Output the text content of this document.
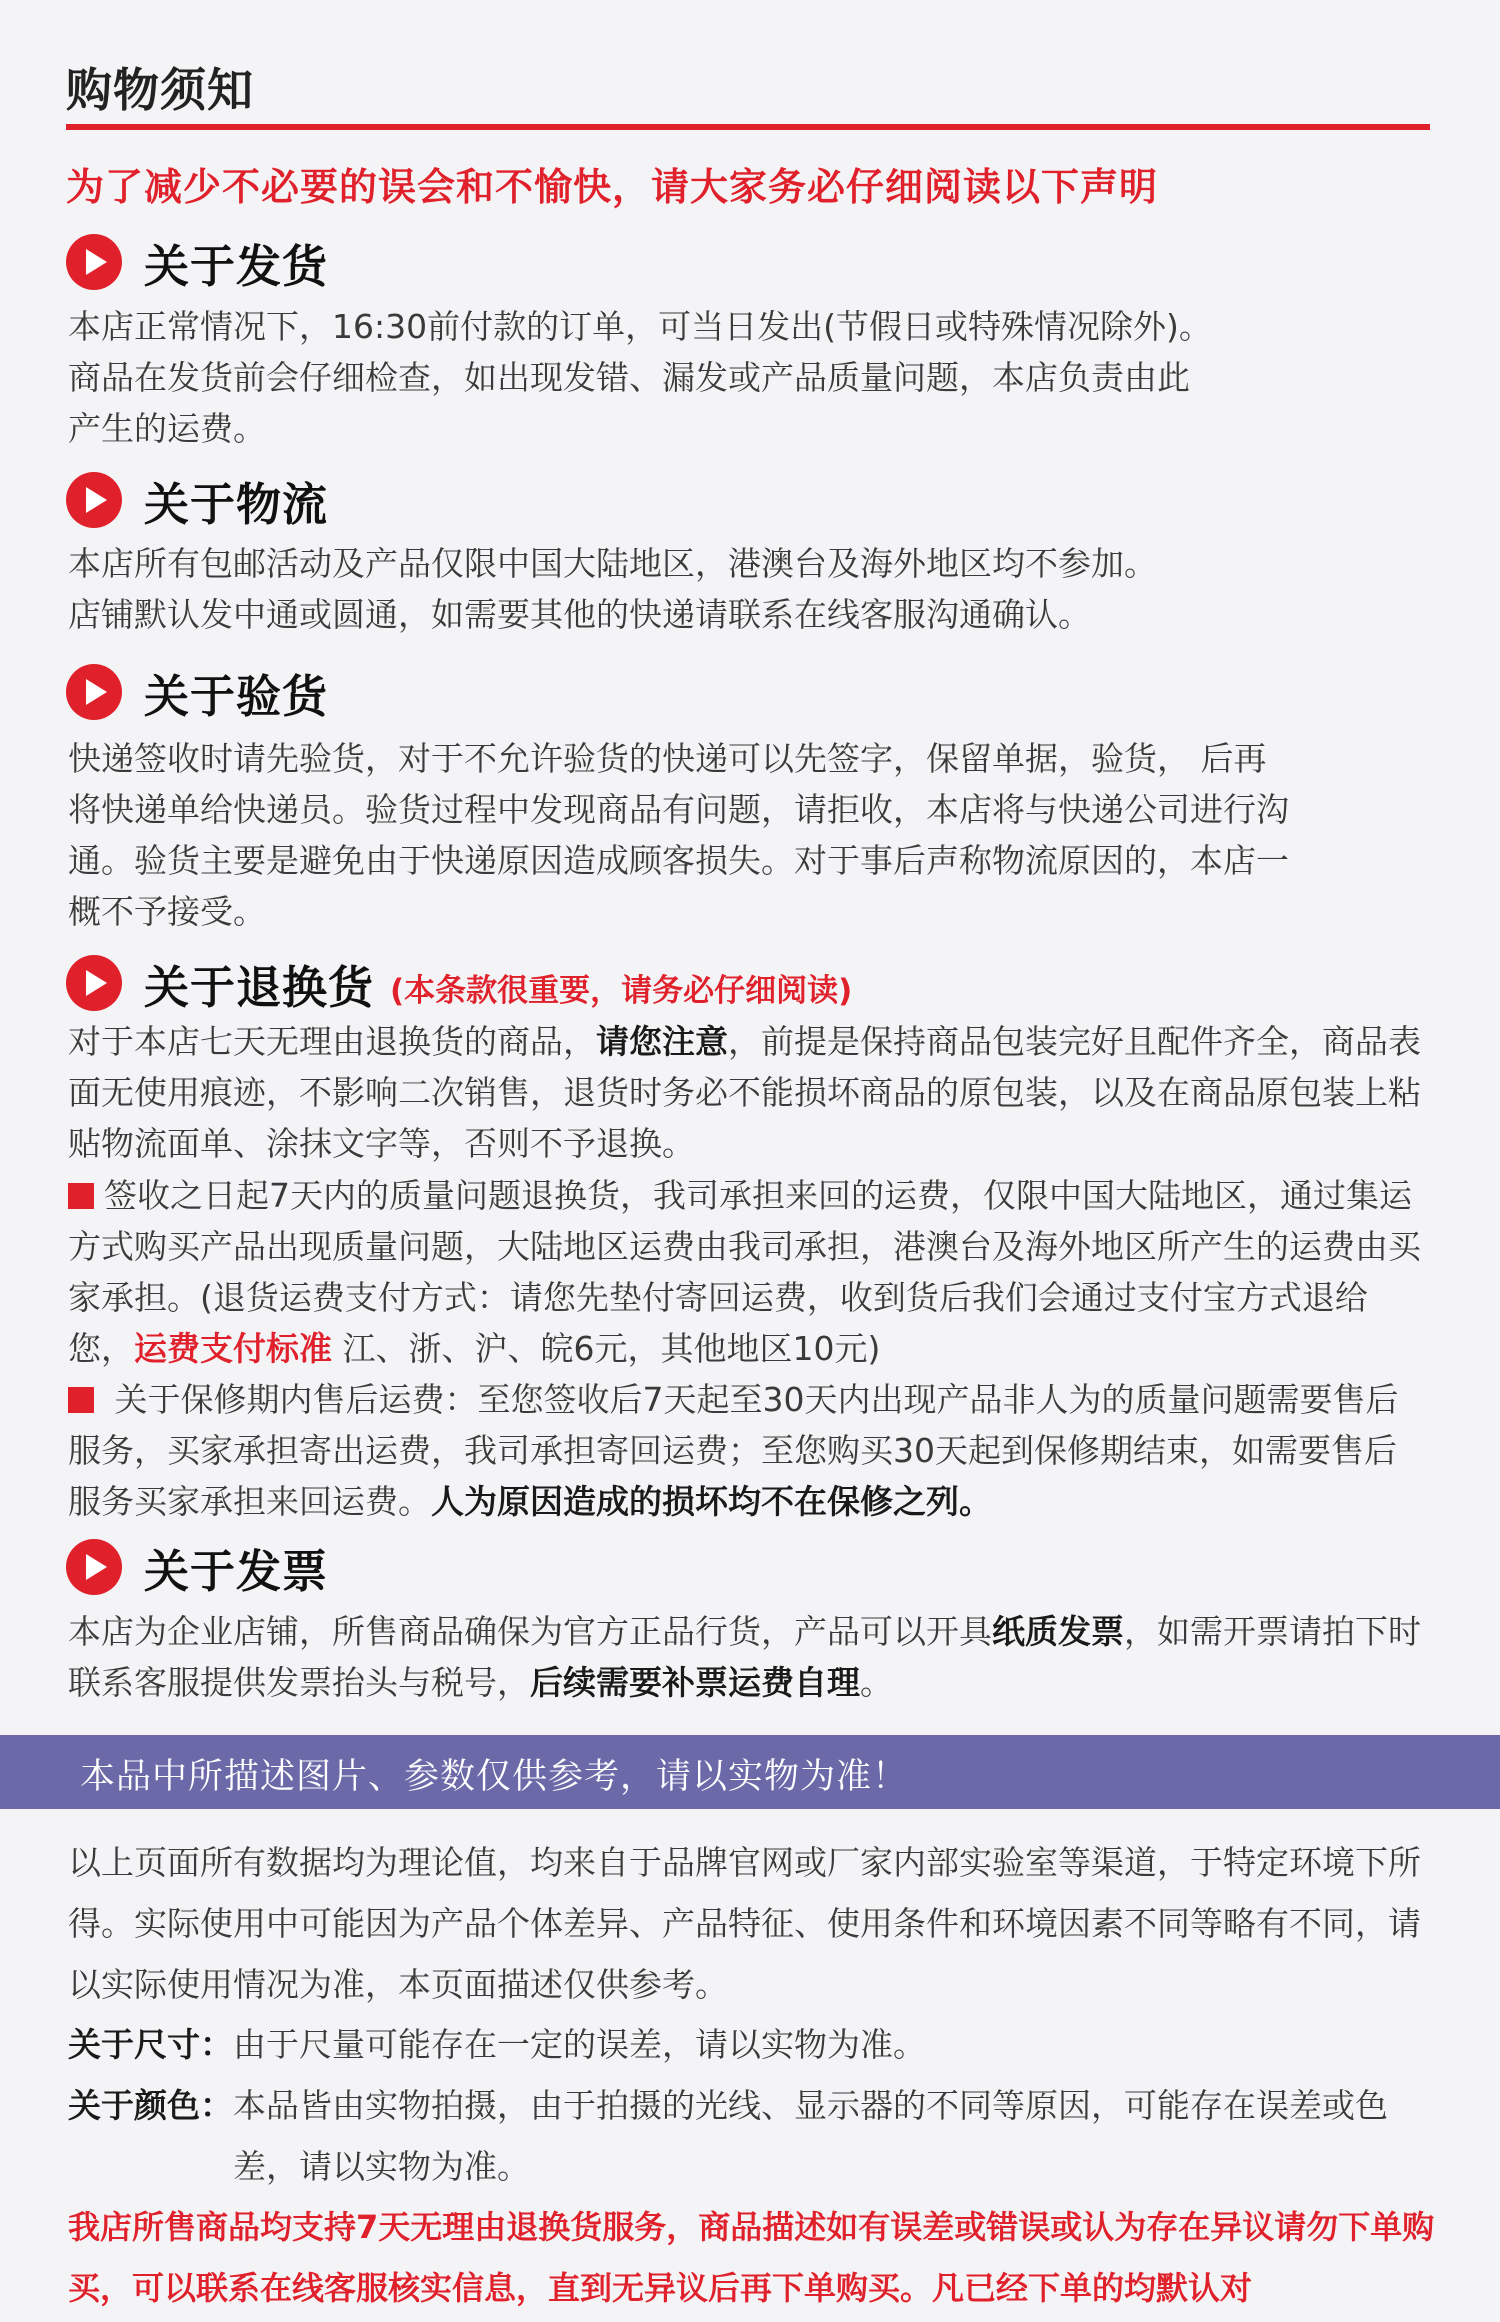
购物须知
为了减少不必要的误会和不愉快，请大家务必仔细阅读以下声明
关于发货
本店正常情况下，16:30前付款的订单，可当日发出(节假日或特殊情况除外)。
商品在发货前会仔细检查，如出现发错、漏发或产品质量问题，本店负责由此
产生的运费。
关于物流
本店所有包邮活动及产品仅限中国大陆地区，港澳台及海外地区均不参加。
店铺默认发中通或圆通，如需要其他的快递请联系在线客服沟通确认。
关于验货
快递签收时请先验货，对于不允许验货的快递可以先签字，保留单据，验货， 后再
将快递单给快递员。验货过程中发现商品有问题，请拒收，本店将与快递公司进行沟
通。验货主要是避免由于快递原因造成顾客损失。对于事后声称物流原因的，本店一
概不予接受。
关于退换货 (本条款很重要，请务必仔细阅读)
对于本店七天无理由退换货的商品，请您注意，前提是保持商品包装完好且配件齐全，商品表面无使用痕迹，不影响二次销售，退货时务必不能损坏商品的原包装，以及在商品原包装上粘贴物流面单、涂抹文字等，否则不予退换。
签收之日起7天内的质量问题退换货，我司承担来回的运费，仅限中国大陆地区，通过集运方式购买产品出现质量问题，大陆地区运费由我司承担，港澳台及海外地区所产生的运费由买家承担。(退货运费支付方式：请您先垫付寄回运费，收到货后我们会通过支付宝方式退给您，运费支付标准 江、浙、沪、皖6元，其他地区10元)
关于保修期内售后运费：至您签收后7天起至30天内出现产品非人为的质量问题需要售后服务，买家承担寄出运费，我司承担寄回运费；至您购买30天起到保修期结束，如需要售后服务买家承担来回运费。人为原因造成的损坏均不在保修之列。
关于发票
本店为企业店铺，所售商品确保为官方正品行货，产品可以开具纸质发票，如需开票请拍下时联系客服提供发票抬头与税号，后续需要补票运费自理。
本品中所描述图片、参数仅供参考，请以实物为准！
以上页面所有数据均为理论值，均来自于品牌官网或厂家内部实验室等渠道，于特定环境下所得。实际使用中可能因为产品个体差异、产品特征、使用条件和环境因素不同等略有不同，请以实际使用情况为准，本页面描述仅供参考。
关于尺寸： 由于尺量可能存在一定的误差，请以实物为准。
关于颜色： 本品皆由实物拍摄，由于拍摄的光线、显示器的不同等原因，可能存在误差或色差，请以实物为准。
我店所售商品均支持7天无理由退换货服务，商品描述如有误差或错误或认为存在异议请勿下单购买，可以联系在线客服核实信息，直到无异议后再下单购买。凡已经下单的均默认对
